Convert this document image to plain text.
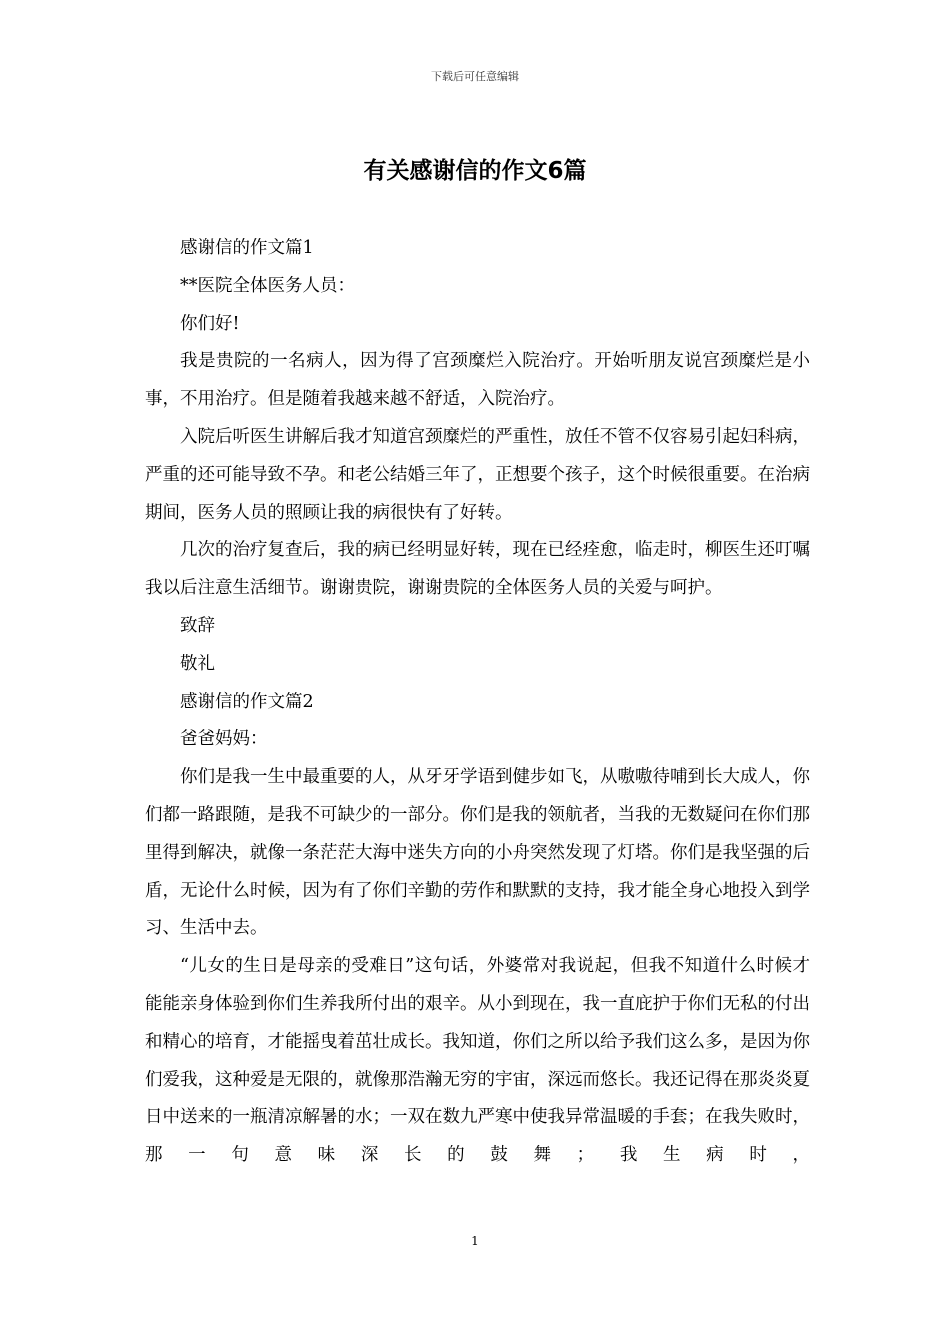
下载后可任意编辑
有关感谢信的作文6篇

感谢信的作文篇1

**医院全体医务人员：

你们好!

我是贵院的一名病人，因为得了宫颈糜烂入院治疗。开始听朋友说宫颈糜烂是小事，不用治疗。但是随着我越来越不舒适，入院治疗。

入院后听医生讲解后我才知道宫颈糜烂的严重性，放任不管不仅容易引起妇科病，严重的还可能导致不孕。和老公结婚三年了，正想要个孩子，这个时候很重要。在治病期间，医务人员的照顾让我的病很快有了好转。

几次的治疗复查后，我的病已经明显好转，现在已经痊愈，临走时，柳医生还叮嘱我以后注意生活细节。谢谢贵院，谢谢贵院的全体医务人员的关爱与呵护。

致辞

敬礼

感谢信的作文篇2

爸爸妈妈：

你们是我一生中最重要的人，从牙牙学语到健步如飞，从嗷嗷待哺到长大成人，你们都一路跟随，是我不可缺少的一部分。你们是我的领航者，当我的无数疑问在你们那里得到解决，就像一条茫茫大海中迷失方向的小舟突然发现了灯塔。你们是我坚强的后盾，无论什么时候，因为有了你们辛勤的劳作和默默的支持，我才能全身心地投入到学习、生活中去。

“儿女的生日是母亲的受难日”这句话，外婆常对我说起，但我不知道什么时候才能能亲身体验到你们生养我所付出的艰辛。从小到现在，我一直庇护于你们无私的付出和精心的培育，才能摇曳着茁壮成长。我知道，你们之所以给予我们这么多，是因为你们爱我，这种爱是无限的，就像那浩瀚无穷的宇宙，深远而悠长。我还记得在那炎炎夏日中送来的一瓶清凉解暑的水；一双在数九严寒中使我异常温暖的手套；在我失败时，那一句意味深长的鼓舞；我生病时，

1
